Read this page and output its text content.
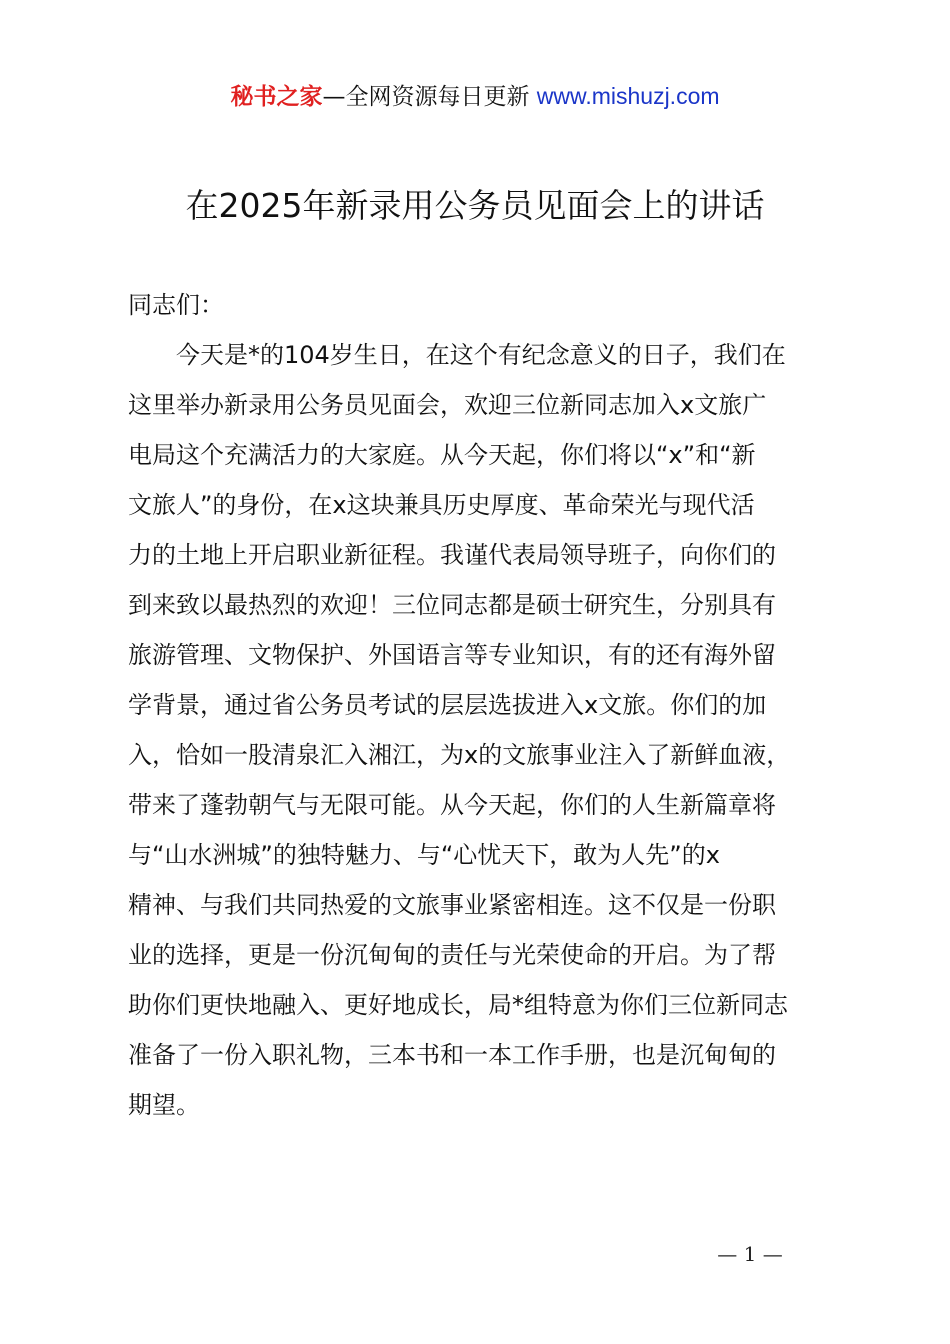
秘书之家—全网资源每日更新 www.mishuzj.com
在2025年新录用公务员见面会上的讲话
同志们：
今天是*的104岁生日，在这个有纪念意义的日子，我们在
这里举办新录用公务员见面会，欢迎三位新同志加入x文旅广
电局这个充满活力的大家庭。从今天起，你们将以“x”和“新
文旅人”的身份，在x这块兼具历史厚度、革命荣光与现代活
力的土地上开启职业新征程。我谨代表局领导班子，向你们的
到来致以最热烈的欢迎！三位同志都是硕士研究生，分别具有
旅游管理、文物保护、外国语言等专业知识，有的还有海外留
学背景，通过省公务员考试的层层选拔进入x文旅。你们的加
入，恰如一股清泉汇入湘江，为x的文旅事业注入了新鲜血液，
带来了蓬勃朝气与无限可能。从今天起，你们的人生新篇章将
与“山水洲城”的独特魅力、与“心忧天下，敢为人先”的x
精神、与我们共同热爱的文旅事业紧密相连。这不仅是一份职
业的选择，更是一份沉甸甸的责任与光荣使命的开启。为了帮
助你们更快地融入、更好地成长，局*组特意为你们三位新同志
准备了一份入职礼物，三本书和一本工作手册，也是沉甸甸的
期望。
— 1 —
